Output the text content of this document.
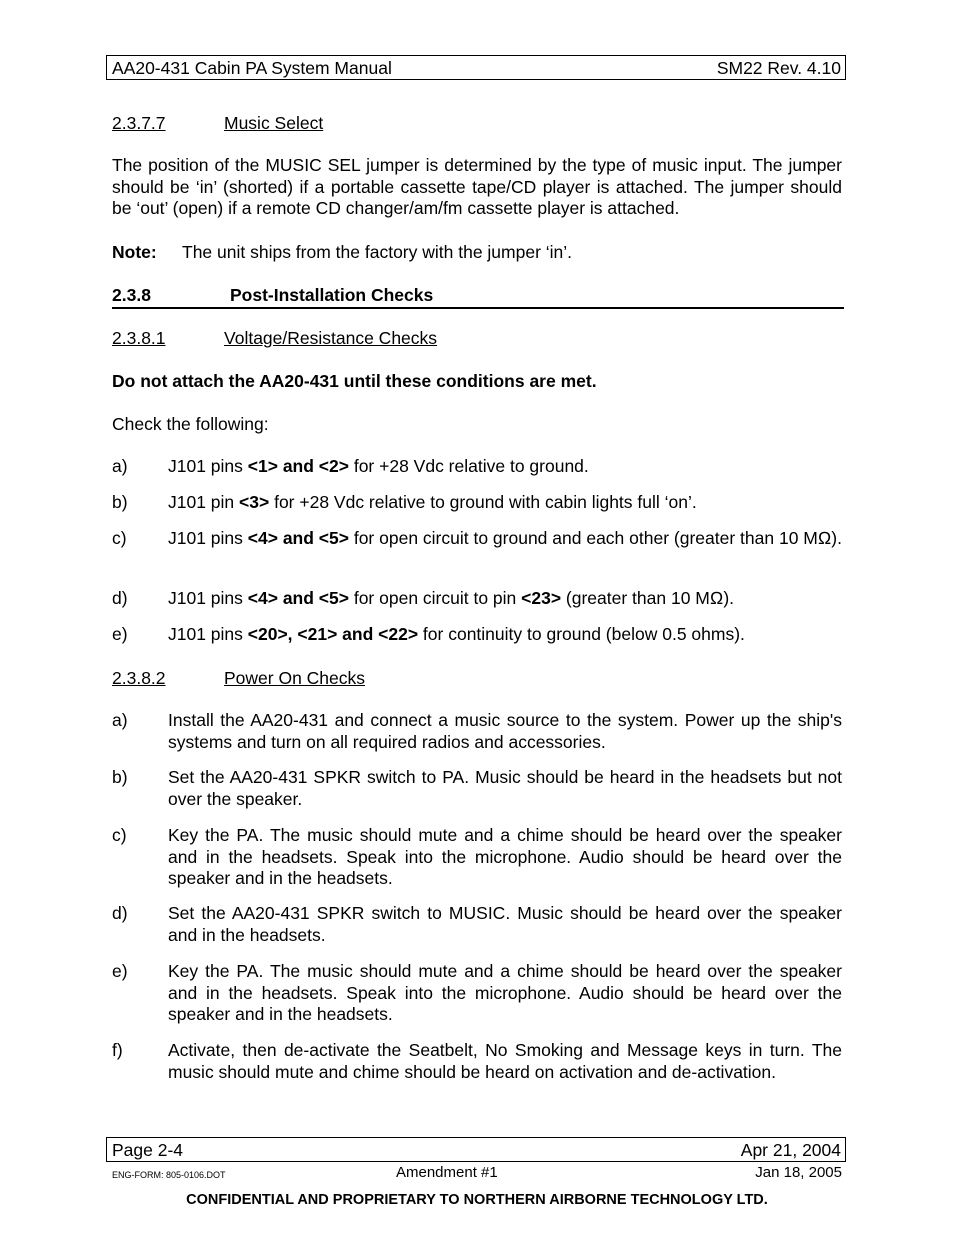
AA20-431 Cabin PA System Manual	SM22 Rev. 4.10
2.3.7.7	Music Select
The position of the MUSIC SEL jumper is determined by the type of music input. The jumper should be ‘in’ (shorted) if a portable cassette tape/CD player is attached. The jumper should be ‘out’ (open) if a remote CD changer/am/fm cassette player is attached.
Note: The unit ships from the factory with the jumper ‘in’.
2.3.8	Post-Installation Checks
2.3.8.1	Voltage/Resistance Checks
Do not attach the AA20-431 until these conditions are met.
Check the following:
a) J101 pins <1> and <2> for +28 Vdc relative to ground.
b) J101 pin <3> for +28 Vdc relative to ground with cabin lights full ‘on’.
c) J101 pins <4> and <5> for open circuit to ground and each other (greater than 10 MΩ).
d) J101 pins <4> and <5> for open circuit to pin <23> (greater than 10 MΩ).
e) J101 pins <20>, <21> and <22> for continuity to ground (below 0.5 ohms).
2.3.8.2	Power On Checks
a) Install the AA20-431 and connect a music source to the system. Power up the ship's systems and turn on all required radios and accessories.
b) Set the AA20-431 SPKR switch to PA. Music should be heard in the headsets but not over the speaker.
c) Key the PA. The music should mute and a chime should be heard over the speaker and in the headsets. Speak into the microphone. Audio should be heard over the speaker and in the headsets.
d) Set the AA20-431 SPKR switch to MUSIC. Music should be heard over the speaker and in the headsets.
e) Key the PA. The music should mute and a chime should be heard over the speaker and in the headsets. Speak into the microphone. Audio should be heard over the speaker and in the headsets.
f)	Activate, then de-activate the Seatbelt, No Smoking and Message keys in turn. The music should mute and chime should be heard on activation and de-activation.
Page 2-4	Apr 21, 2004
ENG-FORM: 805-0106.DOT	Amendment #1	Jan 18, 2005
CONFIDENTIAL AND PROPRIETARY TO NORTHERN AIRBORNE TECHNOLOGY LTD.
